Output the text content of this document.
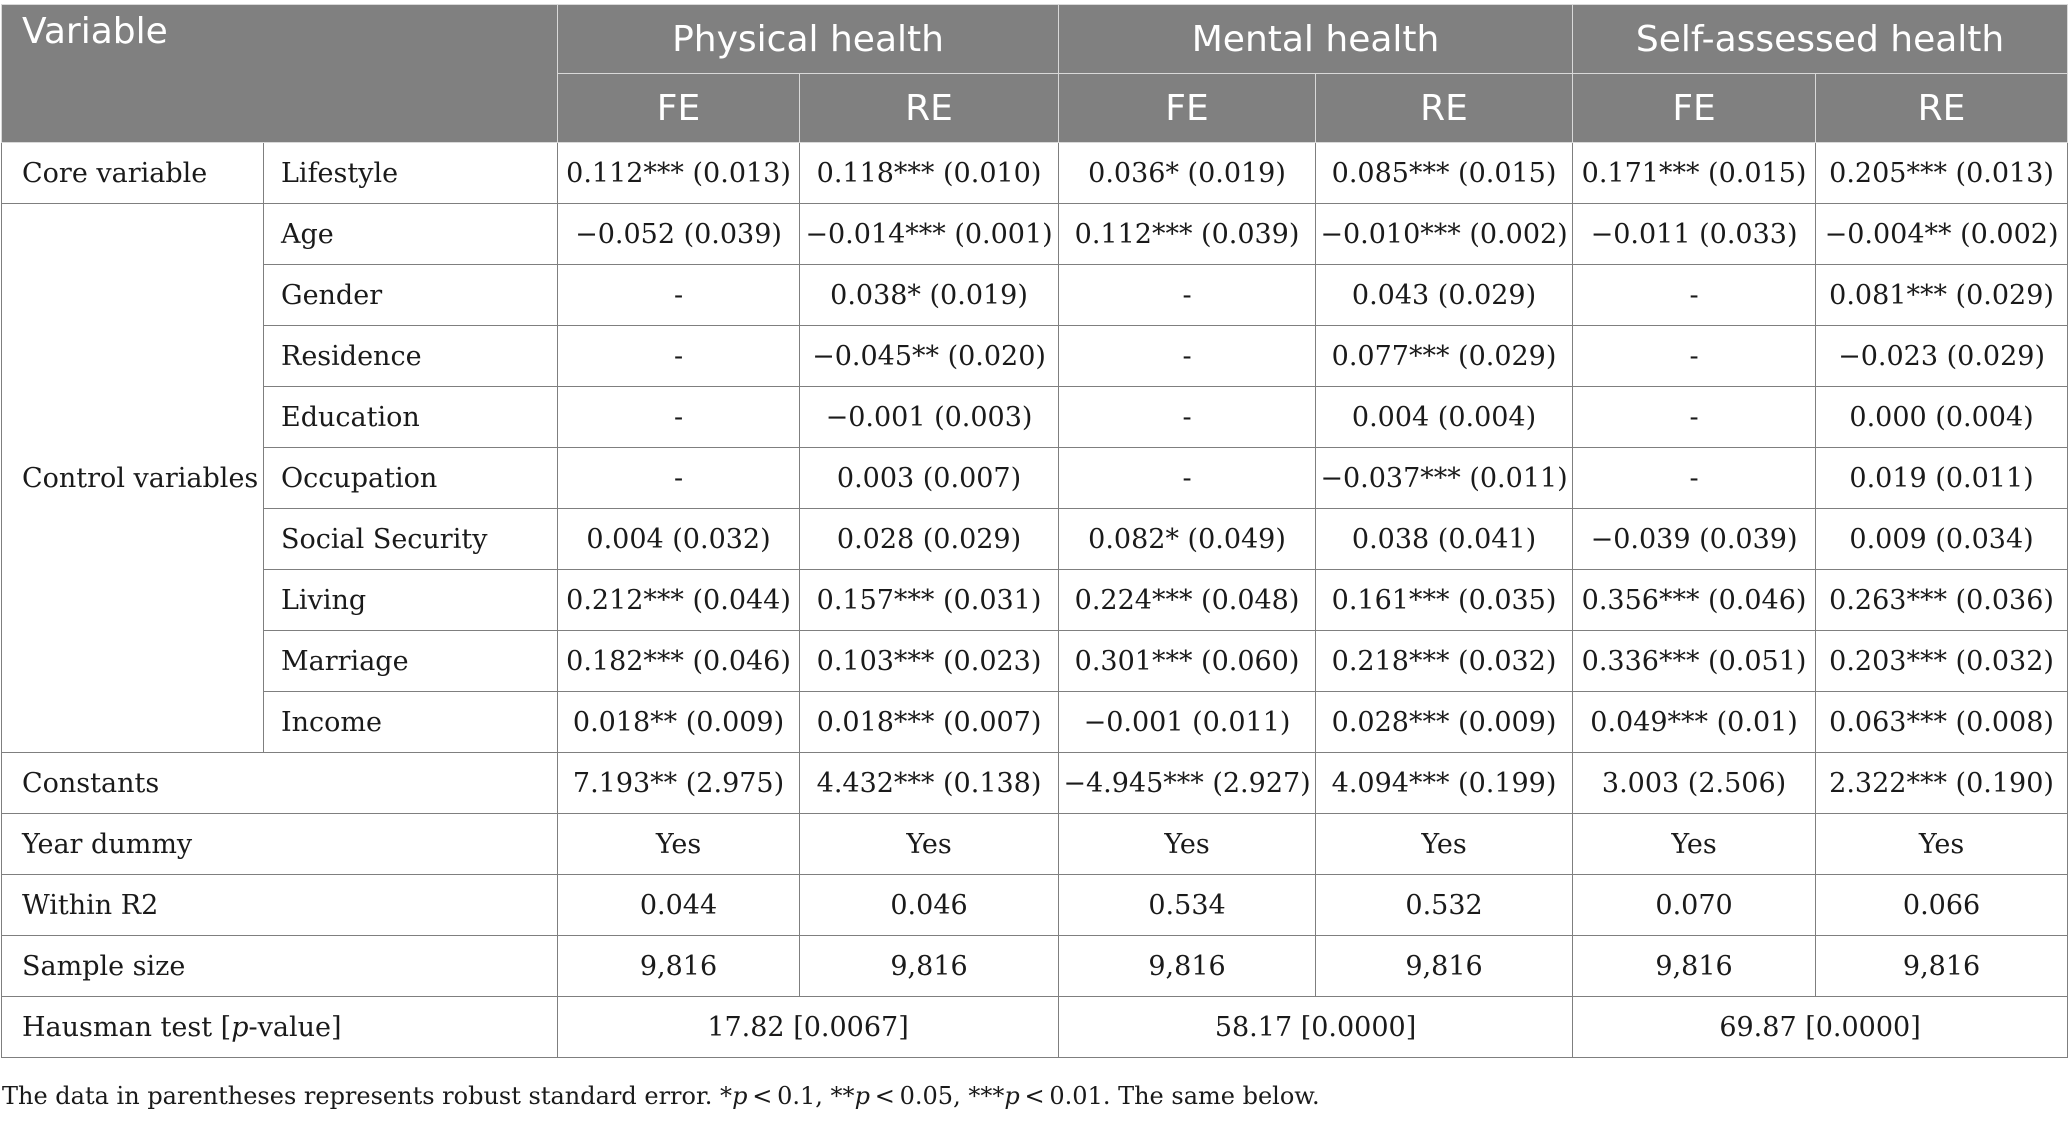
Variable		Physical health		Mental health		Self-assessed health	
		FE	RE	FE	RE	FE	RE
Core variable	Lifestyle	0.112*** (0.013)	0.118*** (0.010)	0.036* (0.019)	0.085*** (0.015)	0.171*** (0.015)	0.205*** (0.013)
Control variables	Age	−0.052 (0.039)	−0.014*** (0.001)	0.112*** (0.039)	−0.010*** (0.002)	−0.011 (0.033)	−0.004** (0.002)
	Gender	-	0.038* (0.019)	-	0.043 (0.029)	-	0.081*** (0.029)
	Residence	-	−0.045** (0.020)	-	0.077*** (0.029)	-	−0.023 (0.029)
	Education	-	−0.001 (0.003)	-	0.004 (0.004)	-	0.000 (0.004)
	Occupation	-	0.003 (0.007)	-	−0.037*** (0.011)	-	0.019 (0.011)
	Social Security	0.004 (0.032)	0.028 (0.029)	0.082* (0.049)	0.038 (0.041)	−0.039 (0.039)	0.009 (0.034)
	Living	0.212*** (0.044)	0.157*** (0.031)	0.224*** (0.048)	0.161*** (0.035)	0.356*** (0.046)	0.263*** (0.036)
	Marriage	0.182*** (0.046)	0.103*** (0.023)	0.301*** (0.060)	0.218*** (0.032)	0.336*** (0.051)	0.203*** (0.032)
	Income	0.018** (0.009)	0.018*** (0.007)	−0.001 (0.011)	0.028*** (0.009)	0.049*** (0.01)	0.063*** (0.008)
Constants		7.193** (2.975)	4.432*** (0.138)	−4.945*** (2.927)	4.094*** (0.199)	3.003 (2.506)	2.322*** (0.190)
Year dummy		Yes	Yes	Yes	Yes	Yes	Yes
Within R2		0.044	0.046	0.534	0.532	0.070	0.066
Sample size		9,816	9,816	9,816	9,816	9,816	9,816
Hausman test [p-value]		17.82 [0.0067]		58.17 [0.0000]		69.87 [0.0000]	
The data in parentheses represents robust standard error. *p < 0.1, **p < 0.05, ***p < 0.01. The same below.
